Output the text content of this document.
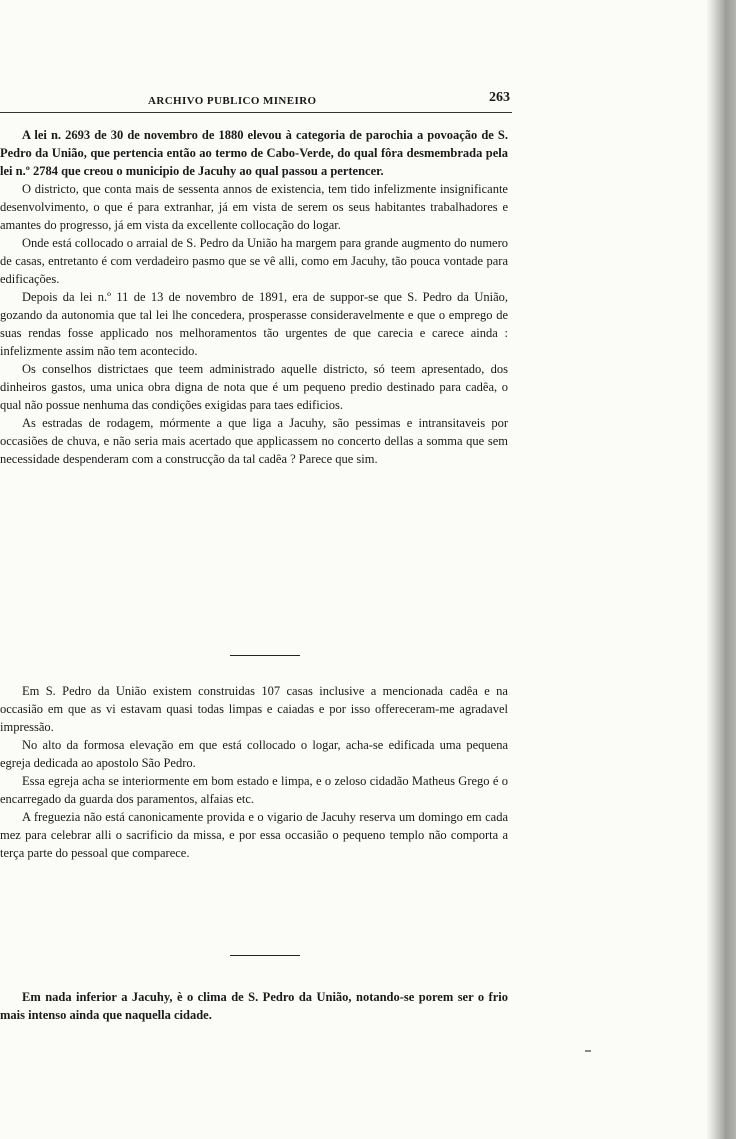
ARCHIVO PUBLICO MINEIRO	263

A lei n. 2693 de 30 de novembro de 1880 elevou à categoria de parochia a povoação de S. Pedro da União, que pertencia então ao termo de Cabo-Verde, do qual fôra desmembrada pela lei n.º 2784 que creou o municipio de Jacuhy ao qual passou a pertencer.

O districto, que conta mais de sessenta annos de existencia, tem tido infelizmente insignificante desenvolvimento, o que é para extranhar, já em vista de serem os seus habitantes trabalhadores e amantes do progresso, já em vista da excellente collocação do logar.

Onde está collocado o arraial de S. Pedro da União ha margem para grande augmento do numero de casas, entretanto é com verdadeiro pasmo que se vê alli, como em Jacuhy, tão pouca vontade para edificações.

Depois da lei n.º 11 de 13 de novembro de 1891, era de suppor-se que S. Pedro da União, gozando da autonomia que tal lei lhe concedera, prosperasse consideravelmente e que o emprego de suas rendas fosse applicado nos melhoramentos tão urgentes de que carecia e carece ainda : infelizmente assim não tem acontecido.

Os conselhos districtaes que teem administrado aquelle districto, só teem apresentado, dos dinheiros gastos, uma unica obra digna de nota que é um pequeno predio destinado para cadêa, o qual não possue nenhuma das condições exigidas para taes edificios.

As estradas de rodagem, mórmente a que liga a Jacuhy, são pessimas e intransitaveis por occasiões de chuva, e não seria mais acertado que applicassem no concerto dellas a somma que sem necessidade despenderam com a construcção da tal cadêa ? Parece que sim.

Em S. Pedro da União existem construidas 107 casas inclusive a mencionada cadêa e na occasião em que as vi estavam quasi todas limpas e caiadas e por isso offereceram-me agradavel impressão.

No alto da formosa elevação em que está collocado o logar, acha-se edificada uma pequena egreja dedicada ao apostolo São Pedro.

Essa egreja acha se interiormente em bom estado e limpa, e o zeloso cidadão Matheus Grego é o encarregado da guarda dos paramentos, alfaias etc.

A freguezia não está canonicamente provida e o vigario de Jacuhy reserva um domingo em cada mez para celebrar alli o sacrificio da missa, e por essa occasião o pequeno templo não comporta a terça parte do pessoal que comparece.

Em nada inferior a Jacuhy, è o clima de S. Pedro da União, notando-se porem ser o frio mais intenso ainda que naquella cidade.
